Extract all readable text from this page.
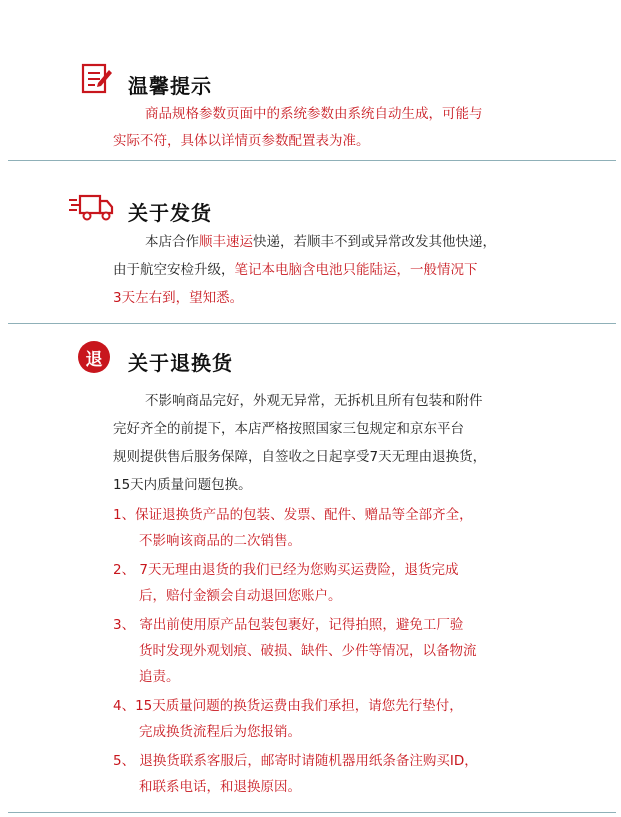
温馨提示
商品规格参数页面中的系统参数由系统自动生成，可能与
实际不符，具体以详情页参数配置表为准。
关于发货
本店合作顺丰速运快递，若顺丰不到或异常改发其他快递，
由于航空安检升级，笔记本电脑含电池只能陆运，一般情况下
3天左右到，望知悉。
退 关于退换货
不影响商品完好，外观无异常，无拆机且所有包装和附件
完好齐全的前提下，本店严格按照国家三包规定和京东平台
规则提供售后服务保障，自签收之日起享受7天无理由退换货，
15天内质量问题包换。
1、保证退换货产品的包装、发票、配件、赠品等全部齐全，
不影响该商品的二次销售。
2、 7天无理由退货的我们已经为您购买运费险，退货完成
后，赔付金额会自动退回您账户。
3、 寄出前使用原产品包装包裹好，记得拍照，避免工厂验
货时发现外观划痕、破损、缺件、少件等情况，以备物流
追责。
4、15天质量问题的换货运费由我们承担，请您先行垫付，
完成换货流程后为您报销。
5、 退换货联系客服后，邮寄时请随机器用纸条备注购买ID，
和联系电话，和退换原因。
